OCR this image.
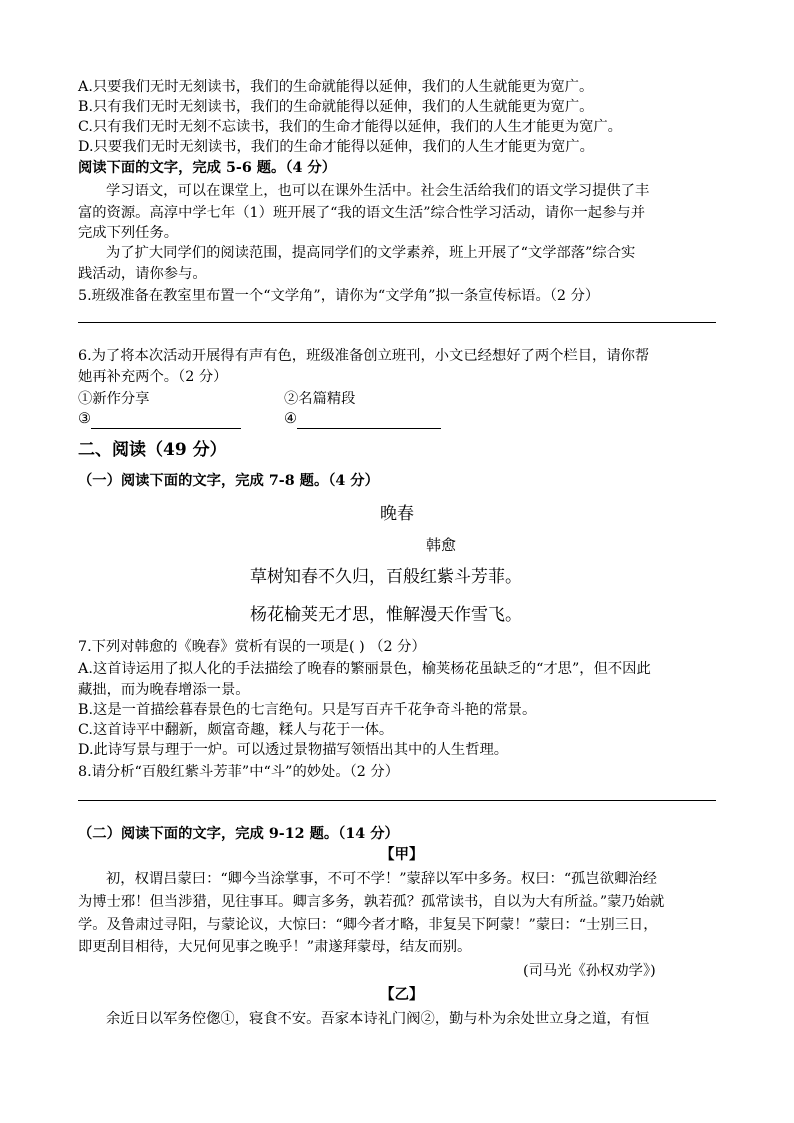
A.只要我们无时无刻读书，我们的生命就能得以延伸，我们的人生就能更为宽广。
B.只有我们无时无刻读书，我们的生命就能得以延伸，我们的人生就能更为宽广。
C.只有我们无时无刻不忘读书，我们的生命才能得以延伸，我们的人生才能更为宽广。
D.只要我们无时无刻读书，我们的生命才能得以延伸，我们的人生才能更为宽广。
阅读下面的文字，完成 5-6 题。（4 分）
学习语文，可以在课堂上，也可以在课外生活中。社会生活给我们的语文学习提供了丰
富的资源。高淳中学七年（1）班开展了“我的语文生活”综合性学习活动，请你一起参与并
完成下列任务。
为了扩大同学们的阅读范围，提高同学们的文学素养，班上开展了“文学部落”综合实
践活动，请你参与。
5.班级准备在教室里布置一个“文学角”，请你为“文学角”拟一条宣传标语。（2 分）
6.为了将本次活动开展得有声有色，班级准备创立班刊，小文已经想好了两个栏目，请你帮
她再补充两个。（2 分）
①新作分享	②名篇精段
③	④
二、阅读（49 分）
（一）阅读下面的文字，完成 7-8 题。（4 分）
晚春
韩愈
草树知春不久归，百般红紫斗芳菲。
杨花榆荚无才思，惟解漫天作雪飞。
7.下列对韩愈的《晚春》赏析有误的一项是( ) （2 分）
A.这首诗运用了拟人化的手法描绘了晚春的繁丽景色，榆荚杨花虽缺乏的“才思”，但不因此
藏拙，而为晚春增添一景。
B.这是一首描绘暮春景色的七言绝句。只是写百卉千花争奇斗艳的常景。
C.这首诗平中翻新，颇富奇趣，糅人与花于一体。
D.此诗写景与理于一炉。可以透过景物描写领悟出其中的人生哲理。
8.请分析“百般红紫斗芳菲”中“斗”的妙处。（2 分）
（二）阅读下面的文字，完成 9-12 题。（14 分）
【甲】
初，权谓吕蒙曰：“卿今当涂掌事，不可不学！”蒙辞以军中多务。权曰：“孤岂欲卿治经
为博士邪！但当涉猎，见往事耳。卿言多务，孰若孤？孤常读书，自以为大有所益。”蒙乃始就
学。及鲁肃过寻阳，与蒙论议，大惊曰：“卿今者才略，非复吴下阿蒙！”蒙曰：“士别三日，
即更刮目相待，大兄何见事之晚乎！”肃遂拜蒙母，结友而别。
(司马光《孙权劝学》)
【乙】
余近日以军务倥偬①，寝食不安。吾家本诗礼门阀②，勤与朴为余处世立身之道，有恒
